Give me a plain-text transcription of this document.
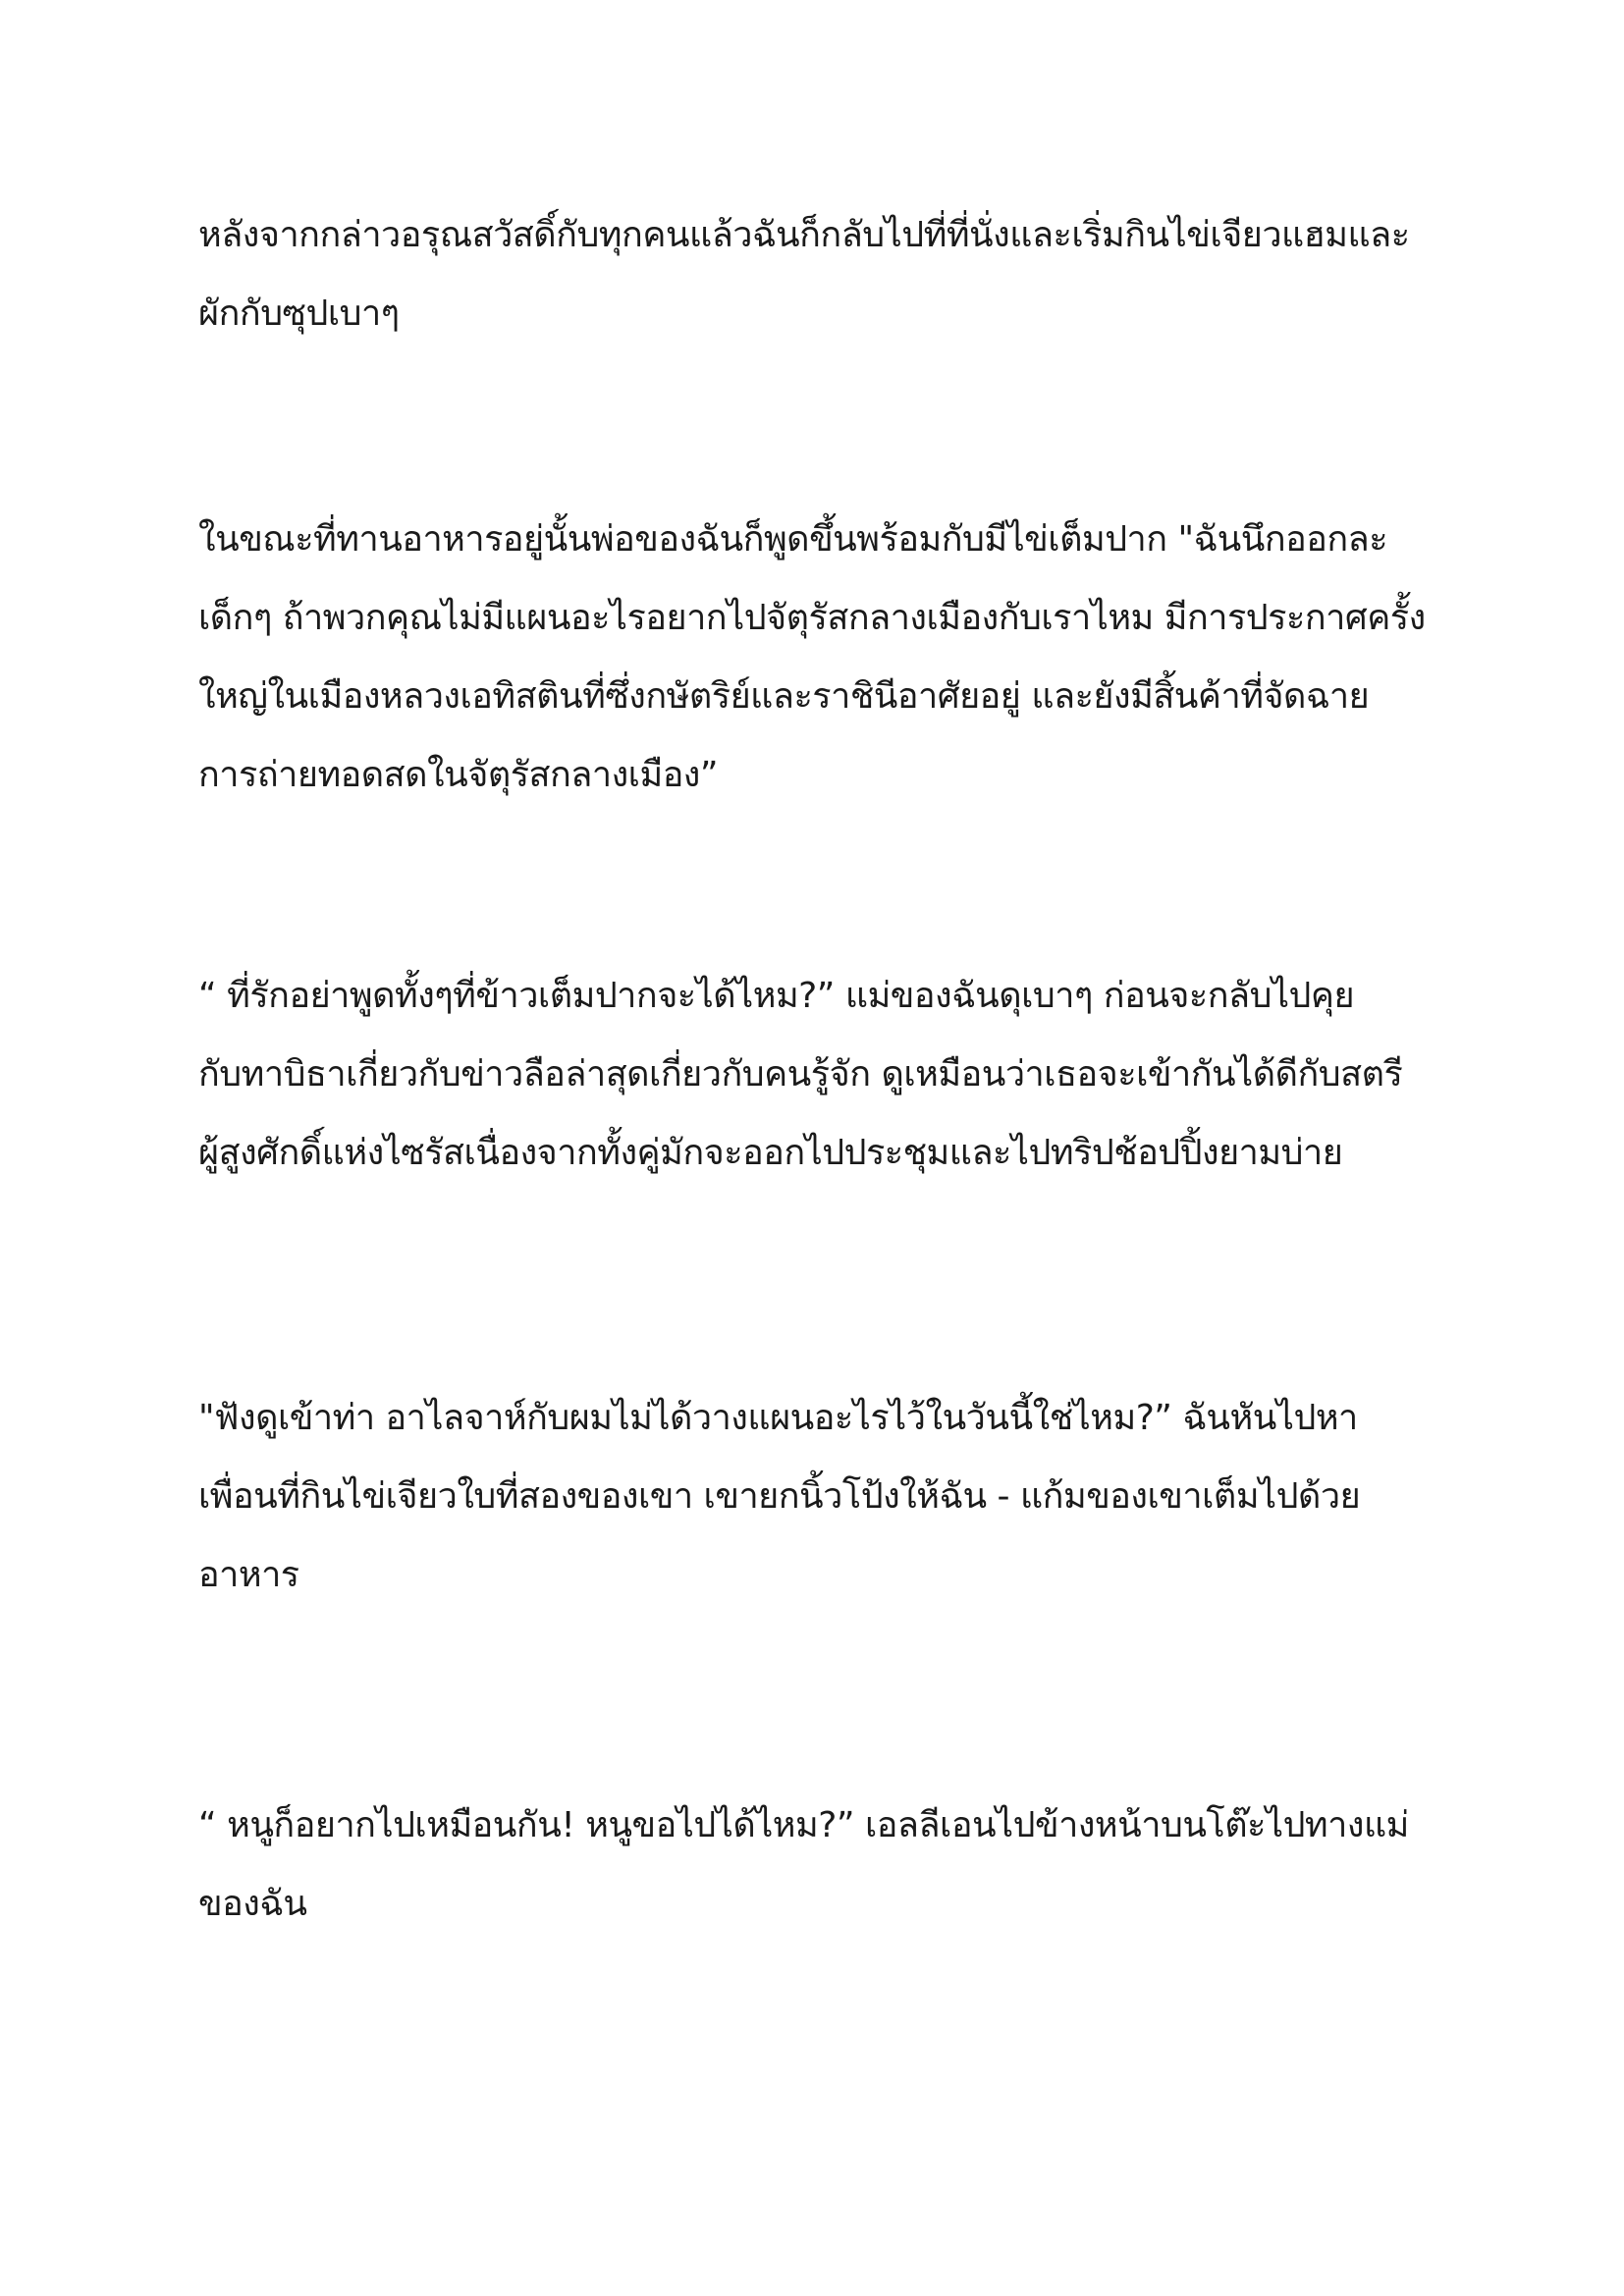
หลังจากกล่าวอรุณสวัสดิ์กับทุกคนแล้วฉันก็กลับไปที่ที่นั่งและเริ่มกินไข่เจียวแฮมและ
ผักกับซุปเบาๆ
ในขณะที่ทานอาหารอยู่นั้นพ่อของฉันก็พูดขึ้นพร้อมกับมีไข่เต็มปาก "ฉันนึกออกละ
เด็กๆ ถ้าพวกคุณไม่มีแผนอะไรอยากไปจัตุรัสกลางเมืองกับเราไหม มีการประกาศครั้ง
ใหญ่ในเมืองหลวงเอทิสตินที่ซึ่งกษัตริย์และราชินีอาศัยอยู่ และยังมีสิ้นค้าที่จัดฉาย
การถ่ายทอดสดในจัตุรัสกลางเมือง”
“ ที่รักอย่าพูดทั้งๆที่ข้าวเต็มปากจะได้ไหม?” แม่ของฉันดุเบาๆ ก่อนจะกลับไปคุย
กับทาบิธาเกี่ยวกับข่าวลือล่าสุดเกี่ยวกับคนรู้จัก ดูเหมือนว่าเธอจะเข้ากันได้ดีกับสตรี
ผู้สูงศักดิ์แห่งไซรัสเนื่องจากทั้งคู่มักจะออกไปประชุมและไปทริปช้อปปิ้งยามบ่าย
"ฟังดูเข้าท่า อาไลจาห์กับผมไม่ได้วางแผนอะไรไว้ในวันนี้ใช่ไหม?” ฉันหันไปหา
เพื่อนที่กินไข่เจียวใบที่สองของเขา เขายกนิ้วโป้งให้ฉัน - แก้มของเขาเต็มไปด้วย
อาหาร
“ หนูก็อยากไปเหมือนกัน! หนูขอไปได้ไหม?” เอลลีเอนไปข้างหน้าบนโต๊ะไปทางแม่
ของฉัน
